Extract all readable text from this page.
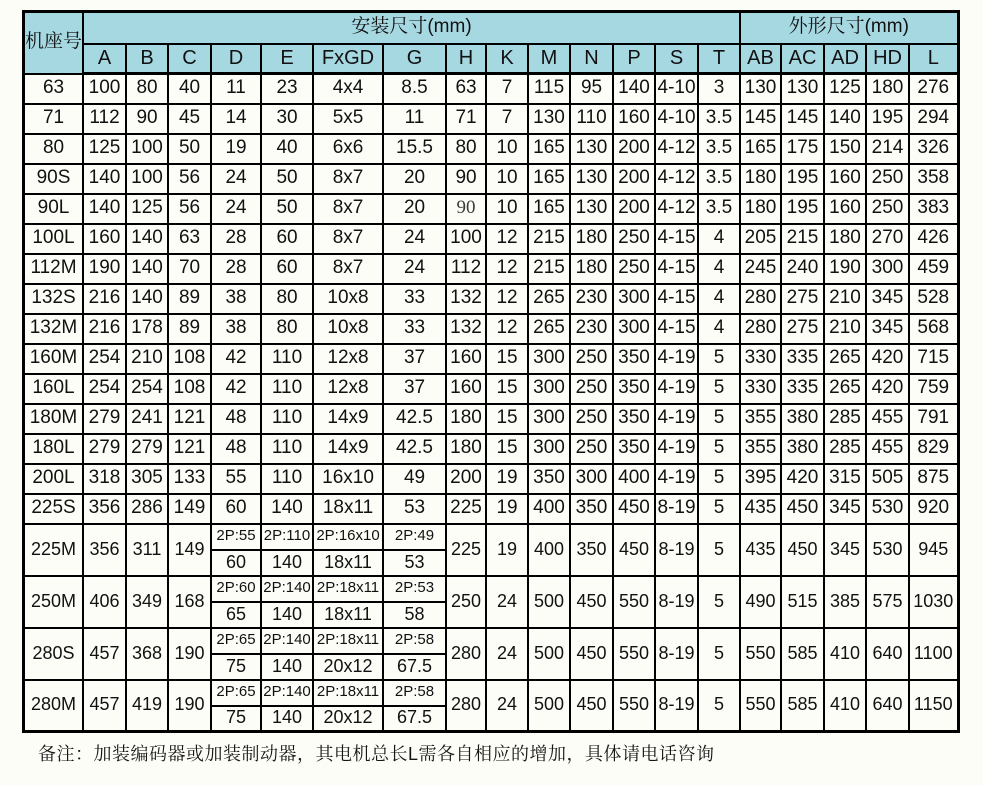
机座号	安装尺寸(mm)														外形尺寸(mm)				
	A	B	C	D	E	FxGD	G	H	K	M	N	P	S	T	AB	AC	AD	HD	L
63	100	80	40	11	23	4x4	8.5	63	7	115	95	140	4-10	3	130	130	125	180	276
71	112	90	45	14	30	5x5	11	71	7	130	110	160	4-10	3.5	145	145	140	195	294
80	125	100	50	19	40	6x6	15.5	80	10	165	130	200	4-12	3.5	165	175	150	214	326
90S	140	100	56	24	50	8x7	20	90	10	165	130	200	4-12	3.5	180	195	160	250	358
90L	140	125	56	24	50	8x7	20	90	10	165	130	200	4-12	3.5	180	195	160	250	383
100L	160	140	63	28	60	8x7	24	100	12	215	180	250	4-15	4	205	215	180	270	426
112M	190	140	70	28	60	8x7	24	112	12	215	180	250	4-15	4	245	240	190	300	459
132S	216	140	89	38	80	10x8	33	132	12	265	230	300	4-15	4	280	275	210	345	528
132M	216	178	89	38	80	10x8	33	132	12	265	230	300	4-15	4	280	275	210	345	568
160M	254	210	108	42	110	12x8	37	160	15	300	250	350	4-19	5	330	335	265	420	715
160L	254	254	108	42	110	12x8	37	160	15	300	250	350	4-19	5	330	335	265	420	759
180M	279	241	121	48	110	14x9	42.5	180	15	300	250	350	4-19	5	355	380	285	455	791
180L	279	279	121	48	110	14x9	42.5	180	15	300	250	350	4-19	5	355	380	285	455	829
200L	318	305	133	55	110	16x10	49	200	19	350	300	400	4-19	5	395	420	315	505	875
225S	356	286	149	60	140	18x11	53	225	19	400	350	450	8-19	5	435	450	345	530	920
225M	356	311	149	2P:55	2P:110	2P:16x10	2P:49	225	19	400	350	450	8-19	5	435	450	345	530	945
				60	140	18x11	53												
250M	406	349	168	2P:60	2P:140	2P:18x11	2P:53	250	24	500	450	550	8-19	5	490	515	385	575	1030
				65	140	18x11	58												
280S	457	368	190	2P:65	2P:140	2P:18x11	2P:58	280	24	500	450	550	8-19	5	550	585	410	640	1100
				75	140	20x12	67.5												
280M	457	419	190	2P:65	2P:140	2P:18x11	2P:58	280	24	500	450	550	8-19	5	550	585	410	640	1150
				75	140	20x12	67.5												
备注：加装编码器或加装制动器，其电机总长L需各自相应的增加，具体请电话咨询
